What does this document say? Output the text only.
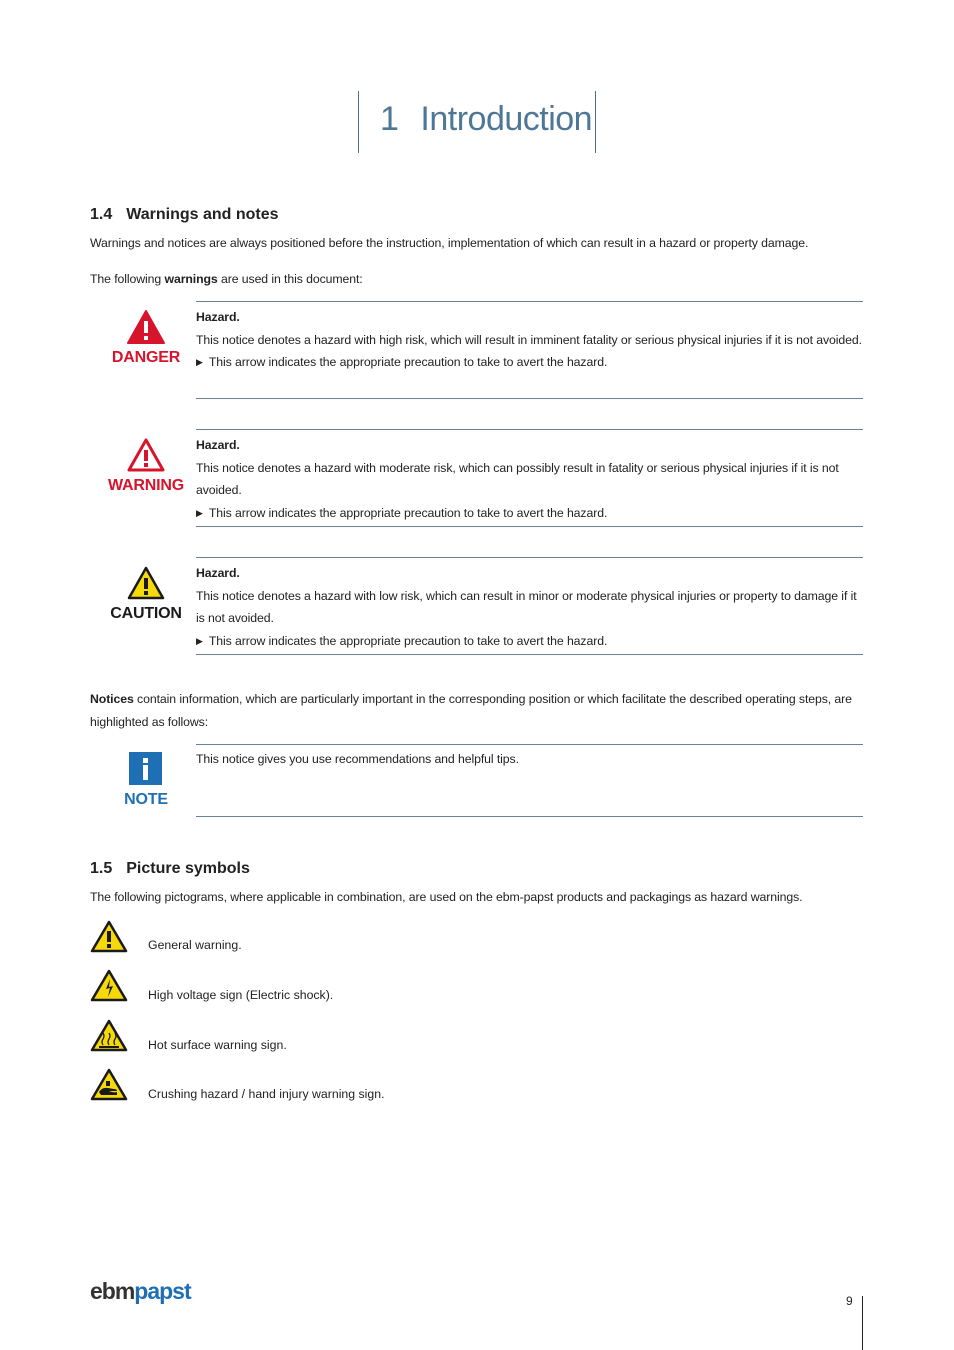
1 Introduction
1.4 Warnings and notes
Warnings and notices are always positioned before the instruction, implementation of which can result in a hazard or property damage.
The following warnings are used in this document:
DANGER
Hazard.
This notice denotes a hazard with high risk, which will result in imminent fatality or serious physical injuries if it is not avoided.
▶ This arrow indicates the appropriate precaution to take to avert the hazard.
WARNING
Hazard.
This notice denotes a hazard with moderate risk, which can possibly result in fatality or serious physical injuries if it is not avoided.
▶ This arrow indicates the appropriate precaution to take to avert the hazard.
CAUTION
Hazard.
This notice denotes a hazard with low risk, which can result in minor or moderate physical injuries or property to damage if it is not avoided.
▶ This arrow indicates the appropriate precaution to take to avert the hazard.
Notices contain information, which are particularly important in the corresponding position or which facilitate the described operating steps, are highlighted as follows:
NOTE
This notice gives you use recommendations and helpful tips.
1.5 Picture symbols
The following pictograms, where applicable in combination, are used on the ebm-papst products and packagings as hazard warnings.
General warning.
High voltage sign (Electric shock).
Hot surface warning sign.
Crushing hazard / hand injury warning sign.
ebmpapst	9
